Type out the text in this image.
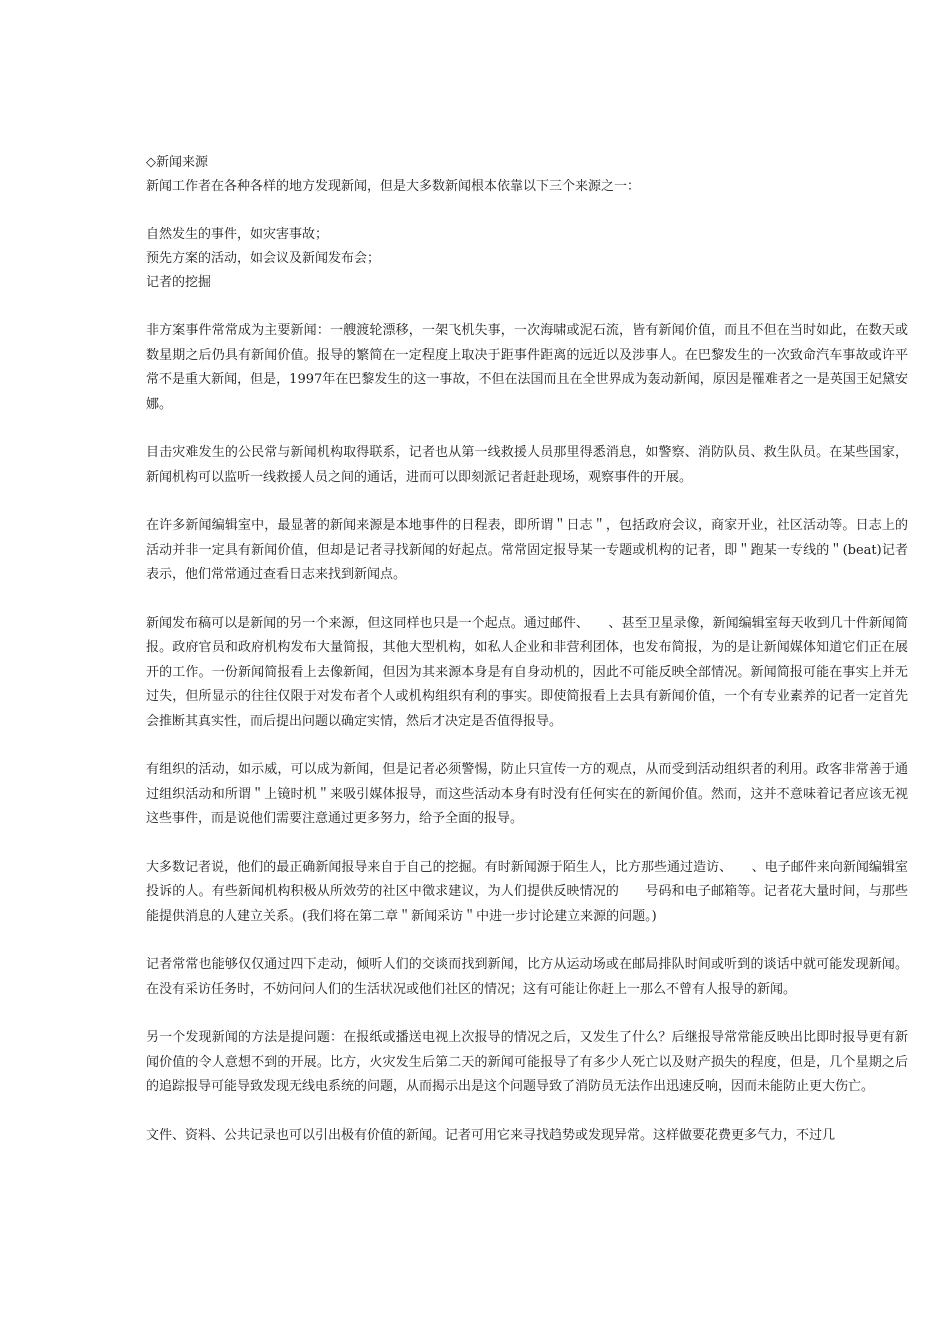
◇新闻来源
新闻工作者在各种各样的地方发现新闻，但是大多数新闻根本依靠以下三个来源之一：
自然发生的事件，如灾害事故；
预先方案的活动，如会议及新闻发布会；
记者的挖掘

非方案事件常常成为主要新闻：一艘渡轮漂移，一架飞机失事，一次海啸或泥石流，皆有新闻价值，而且不但在当时如此，在数天或数星期之后仍具有新闻价值。报导的繁简在一定程度上取决于距事件距离的远近以及涉事人。在巴黎发生的一次致命汽车事故或许平常不是重大新闻，但是，1997年在巴黎发生的这一事故，不但在法国而且在全世界成为轰动新闻，原因是罹难者之一是英国王妃黛安娜。

目击灾难发生的公民常与新闻机构取得联系，记者也从第一线救援人员那里得悉消息，如警察、消防队员、救生队员。在某些国家，新闻机构可以监听一线救援人员之间的通话，进而可以即刻派记者赶赴现场，观察事件的开展。

在许多新闻编辑室中，最显著的新闻来源是本地事件的日程表，即所谓＂日志＂，包括政府会议，商家开业，社区活动等。日志上的活动并非一定具有新闻价值，但却是记者寻找新闻的好起点。常常固定报导某一专题或机构的记者，即＂跑某一专线的＂(beat)记者表示，他们常常通过查看日志来找到新闻点。

新闻发布稿可以是新闻的另一个来源，但这同样也只是一个起点。通过邮件、　　、甚至卫星录像，新闻编辑室每天收到几十件新闻简报。政府官员和政府机构发布大量简报，其他大型机构，如私人企业和非营利团体，也发布简报，为的是让新闻媒体知道它们正在展开的工作。一份新闻简报看上去像新闻，但因为其来源本身是有自身动机的，因此不可能反映全部情况。新闻简报可能在事实上并无过失，但所显示的往往仅限于对发布者个人或机构组织有利的事实。即使简报看上去具有新闻价值，一个有专业素养的记者一定首先会推断其真实性，而后提出问题以确定实情，然后才决定是否值得报导。

有组织的活动，如示威，可以成为新闻，但是记者必须警惕，防止只宣传一方的观点，从而受到活动组织者的利用。政客非常善于通过组织活动和所谓＂上镜时机＂来吸引媒体报导，而这些活动本身有时没有任何实在的新闻价值。然而，这并不意味着记者应该无视这些事件，而是说他们需要注意通过更多努力，给予全面的报导。

大多数记者说，他们的最正确新闻报导来自于自己的挖掘。有时新闻源于陌生人，比方那些通过造访、　　、电子邮件来向新闻编辑室投诉的人。有些新闻机构积极从所效劳的社区中徵求建议，为人们提供反映情况的　　号码和电子邮箱等。记者花大量时间，与那些能提供消息的人建立关系。(我们将在第二章＂新闻采访＂中进一步讨论建立来源的问题。)

记者常常也能够仅仅通过四下走动，倾听人们的交谈而找到新闻，比方从运动场或在邮局排队时间或听到的谈话中就可能发现新闻。在没有采访任务时，不妨问问人们的生活状况或他们社区的情况；这有可能让你赶上一那么不曾有人报导的新闻。

另一个发现新闻的方法是提问题：在报纸或播送电视上次报导的情况之后，又发生了什么？后继报导常常能反映出比即时报导更有新闻价值的令人意想不到的开展。比方，火灾发生后第二天的新闻可能报导了有多少人死亡以及财产损失的程度，但是，几个星期之后的追踪报导可能导致发现无线电系统的问题，从而揭示出是这个问题导致了消防员无法作出迅速反响，因而未能防止更大伤亡。

文件、资料、公共记录也可以引出极有价值的新闻。记者可用它来寻找趋势或发现异常。这样做要花费更多气力，不过几
